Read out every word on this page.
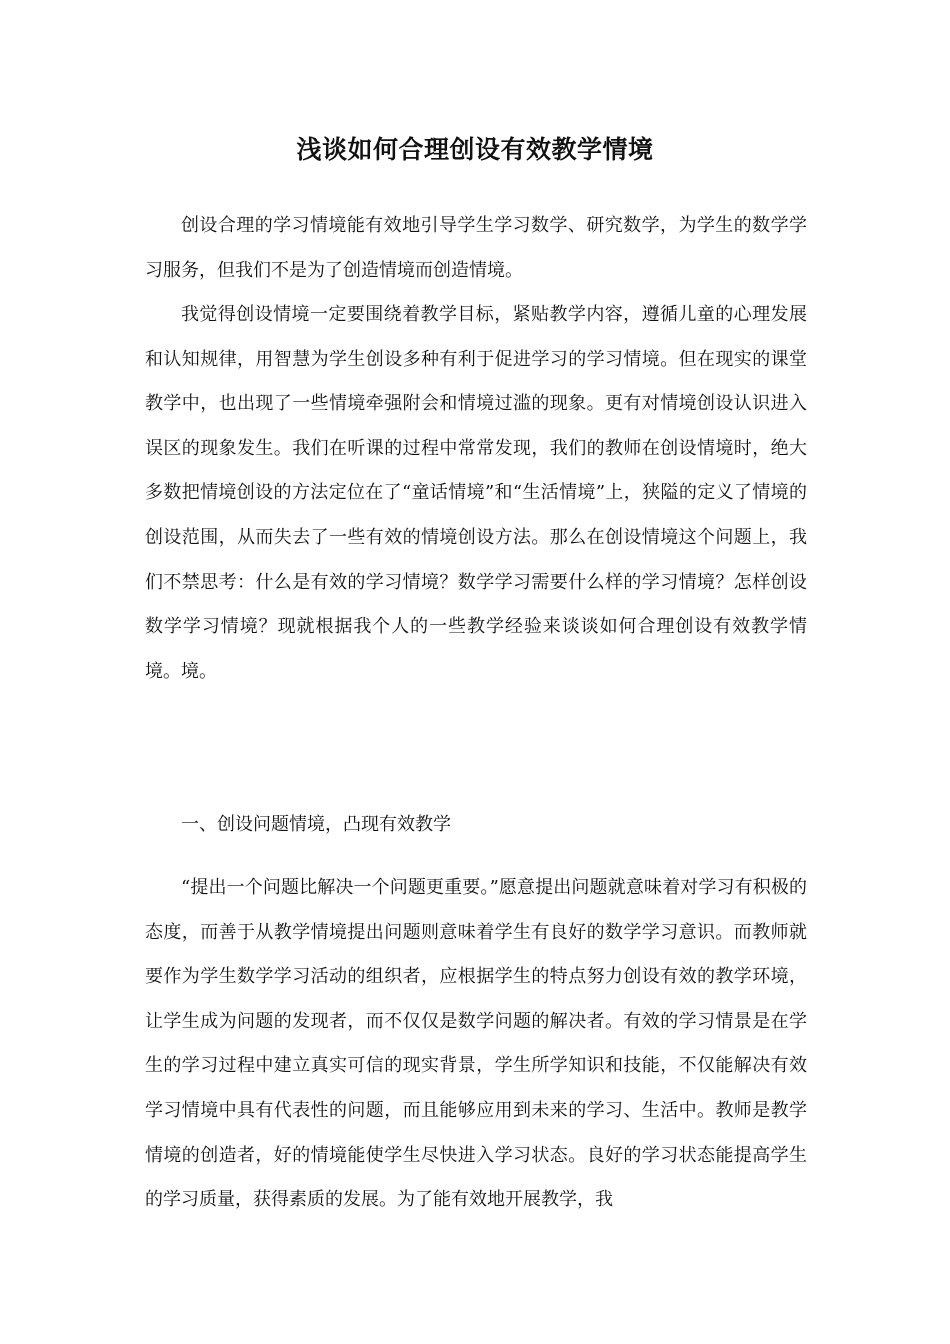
浅谈如何合理创设有效教学情境

创设合理的学习情境能有效地引导学生学习数学、研究数学，为学生的数学学习服务，但我们不是为了创造情境而创造情境。

我觉得创设情境一定要围绕着教学目标，紧贴教学内容，遵循儿童的心理发展和认知规律，用智慧为学生创设多种有利于促进学习的学习情境。但在现实的课堂教学中，也出现了一些情境牵强附会和情境过滥的现象。更有对情境创设认识进入误区的现象发生。我们在听课的过程中常常发现，我们的教师在创设情境时，绝大多数把情境创设的方法定位在了“童话情境”和“生活情境”上，狭隘的定义了情境的创设范围，从而失去了一些有效的情境创设方法。那么在创设情境这个问题上，我们不禁思考：什么是有效的学习情境？数学学习需要什么样的学习情境？怎样创设数学学习情境？现就根据我个人的一些教学经验来谈谈如何合理创设有效教学情境。境。

一、创设问题情境，凸现有效教学

“提出一个问题比解决一个问题更重要。”愿意提出问题就意味着对学习有积极的态度，而善于从教学情境提出问题则意味着学生有良好的数学学习意识。而教师就要作为学生数学学习活动的组织者，应根据学生的特点努力创设有效的教学环境，让学生成为问题的发现者，而不仅仅是数学问题的解决者。有效的学习情景是在学生的学习过程中建立真实可信的现实背景，学生所学知识和技能，不仅能解决有效学习情境中具有代表性的问题，而且能够应用到未来的学习、生活中。教师是教学情境的创造者，好的情境能使学生尽快进入学习状态。良好的学习状态能提高学生的学习质量，获得素质的发展。为了能有效地开展教学，我
